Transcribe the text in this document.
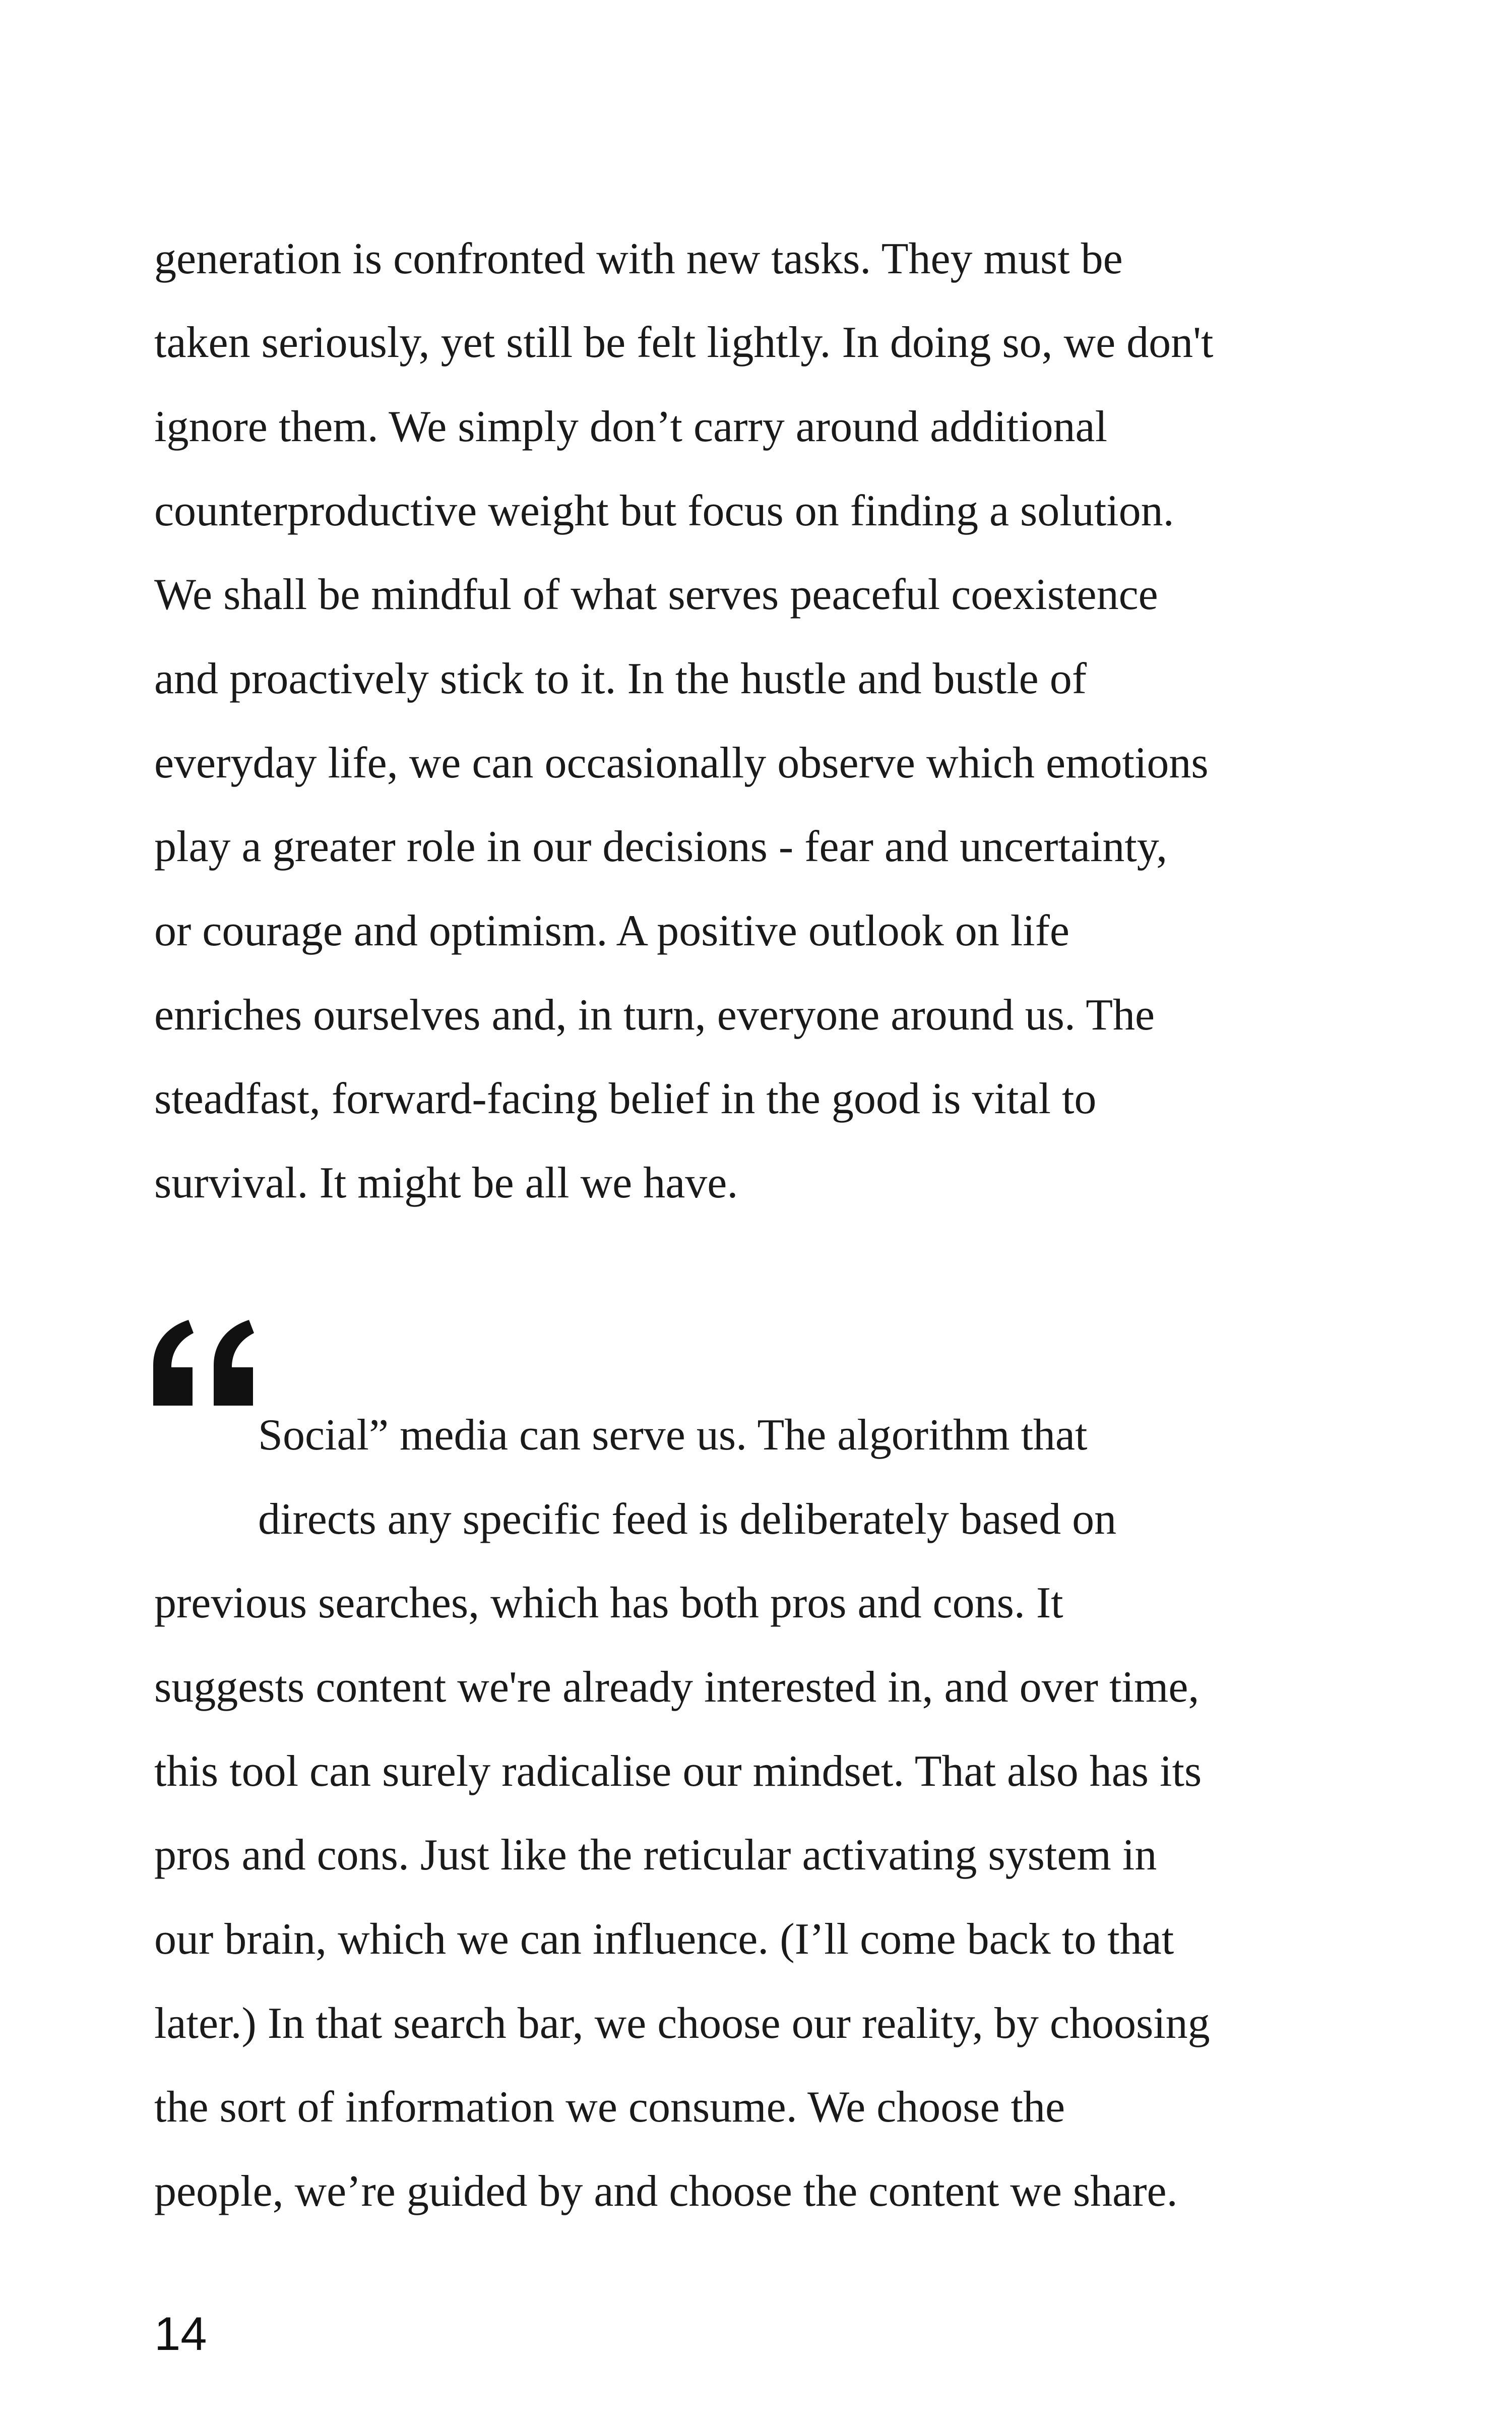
generation is confronted with new tasks. They must be

taken seriously, yet still be felt lightly. In doing so, we don't

ignore them. We simply don’t carry around additional

counterproductive weight but focus on finding a solution.

We shall be mindful of what serves peaceful coexistence

and proactively stick to it. In the hustle and bustle of

everyday life, we can occasionally observe which emotions

play a greater role in our decisions - fear and uncertainty,

or courage and optimism. A positive outlook on life

enriches ourselves and, in turn, everyone around us. The

steadfast, forward-facing belief in the good is vital to

survival. It might be all we have.

Social” media can serve us. The algorithm that

directs any specific feed is deliberately based on

previous searches, which has both pros and cons. It

suggests content we're already interested in, and over time,

this tool can surely radicalise our mindset. That also has its

pros and cons. Just like the reticular activating system in

our brain, which we can influence. (I’ll come back to that

later.) In that search bar, we choose our reality, by choosing

the sort of information we consume. We choose the

people, we’re guided by and choose the content we share.

14
